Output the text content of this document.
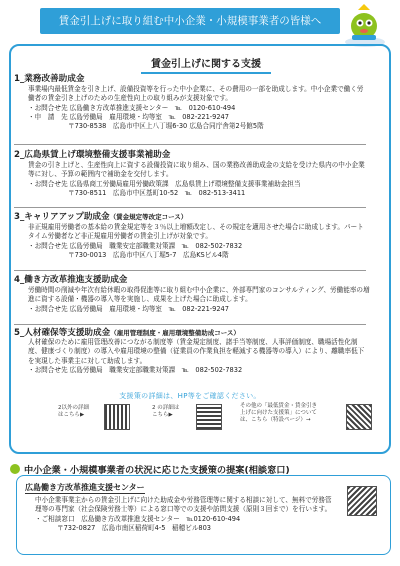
賃金引上げに取り組む中小企業・小規模事業者の皆様へ
賃金引上げに関する支援
1_業務改善助成金

事業場内最低賃金を引き上げ、設備投資等を行った中小企業に、その費用の一部を助成します。中小企業で働く労働者の賃金引き上げのための生産性向上の取り組みが支援対象です。

・お問合せ先 広島働き方改革推進支援センター　℡　0120-610-494
・申　請　先 広島労働局　雇用環境・均等室　℡　082-221-9247
〒730-8538　広島市中区上八丁堀6-30 広島合同庁舎第2号館5階
2_広島県賃上げ環境整備支援事業補助金

賃金の引き上げと、生産性向上に資する設備投資に取り組み、国の業務改善助成金の支給を受けた県内の中小企業等に対し、予算の範囲内で補助金を交付します。

・お問合せ先 広島県商工労働局雇用労働政策課　広島県賃上げ環境整備支援事業補助金担当
〒730-8511　広島市中区基町10-52　℡　082-513-3411
3_キャリアアップ助成金（賃金規定等改定コース）

非正規雇用労働者の基本給の賃金規定等を３％以上増額改定し、その規定を適用させた場合に助成します。パートタイム労働者など非正規雇用労働者の賃金引上げが対象です。

・お問合せ先 広島労働局　職業安定部職業対策課　℡　082-502-7832
〒730-0013　広島市中区八丁堀5-7　広島KSビル4階
4_働き方改革推進支援助成金

労働時間の削減や年次有給休暇の取得促進等に取り組む中小企業に、外部専門家のコンサルティング、労働能率の増進に資する設備・機器の導入等を実施し、成果を上げた場合に助成します。

・お問合せ先 広島労働局　雇用環境・均等室　℡　082-221-9247
5_人材確保等支援助成金（雇用管理制度・雇用環境整備助成コース）
支援策の詳細は、HP等をご確認ください。
2以外の詳細
はこちら▶
2 の詳細は
こちら▶
その他の「最低賃金・賃金引き
上げに向けた支援策」について
は、こちら（特設ページ）→

人材確保のために雇用管理改善につながる制度等（賃金規定制度、諸手当等制度、人事評価制度、職場活性化制度、健康づくり制度）の導入や雇用環境の整備（従業員の作業負担を軽減する機器等の導入）により、離職率低下を実現した事業主に対して助成します。

・お問合せ先 広島労働局　職業安定部職業対策課　℡　082-502-7832
中小企業・小規模事業者の状況に応じた支援策の提案(相談窓口)
広島働き方改革推進支援センター

中小企業事業主からの賃金引上げに向けた助成金や労務管理等に関する相談に対して、無料で労務管理等の専門家（社会保険労務士等）による窓口等での支援や訪問支援（原則３回まで）を行います。

・ご相談窓口　広島働き方改革推進支援センター　℡0120-610-494
〒732-0827　広島市南区稲荷町4-5　稲穂ビル803
